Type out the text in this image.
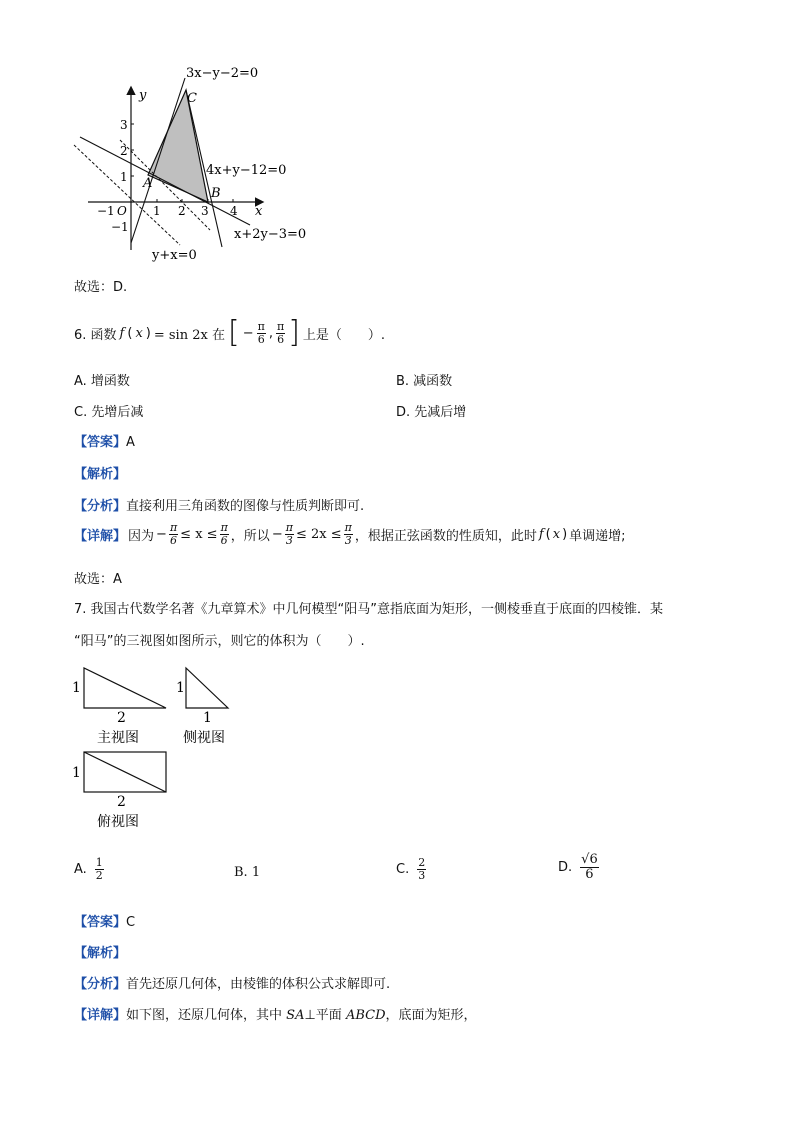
3x−y−2=0
C
y
3
2
1
−1
4x+y−12=0
A
B
−1 O 1 2 3 4 x
x+2y−3=0
y+x=0
故选：D.
6. 函数 f ( x ) = sin 2x 在 [ − $\frac{\pi}{6}$ , $\frac{\pi}{6}$ ] 上是（　　）.
A. 增函数	B. 减函数
C. 先增后减	D. 先减后增
【答案】A
【解析】
【分析】直接利用三角函数的图像与性质判断即可.
【详解】 因为 − $\frac{\pi}{6} \le x \le \frac{\pi}{6}$ ，所以 − $\frac{\pi}{3} \le 2x \le \frac{\pi}{3}$ ，根据正弦函数的性质知，此时 f ( x ) 单调递增;
故选：A
7. 我国古代数学名著《九章算术》中几何模型“阳马”意指底面为矩形，一侧棱垂直于底面的四棱锥．某
“阳马”的三视图如图所示，则它的体积为（　　）.
1
2
主视图
1
1
侧视图
1
2
俯视图
A. $\frac{1}{2}$	B. 1	C. $\frac{2}{3}$	D. $\frac{√6}{6}$
【答案】C
【解析】
【分析】首先还原几何体，由棱锥的体积公式求解即可.
【详解】如下图，还原几何体，其中 SA⊥平面 ABCD，底面为矩形，
